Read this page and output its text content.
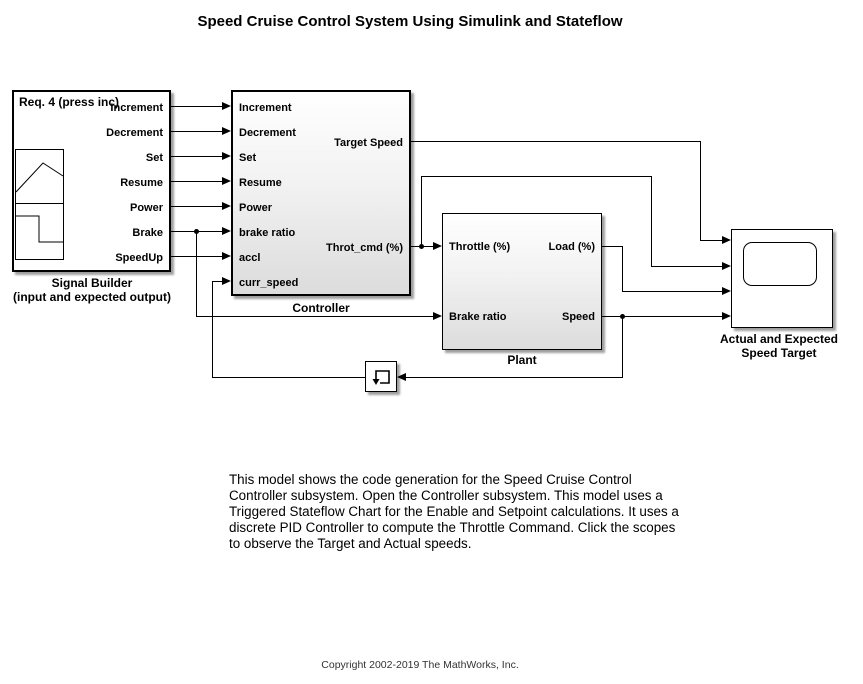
Speed Cruise Control System Using Simulink and Stateflow
Req. 4 (press inc)
Increment
Decrement
Set
Resume
Power
Brake
SpeedUp
Signal Builder
(input and expected output)
Increment
Decrement
Set
Resume
Power
brake ratio
accl
curr_speed
Target Speed
Throt_cmd (%)
Controller
Throttle (%)
Brake ratio
Load (%)
Speed
Plant
Actual and Expected
Speed Target
This model shows the code generation for the Speed Cruise Control
Controller subsystem. Open the Controller subsystem. This model uses a
Triggered Stateflow Chart for the Enable and Setpoint calculations. It uses a
discrete PID Controller to compute the Throttle Command. Click the scopes
to observe the Target and Actual speeds.
Copyright 2002-2019 The MathWorks, Inc.
